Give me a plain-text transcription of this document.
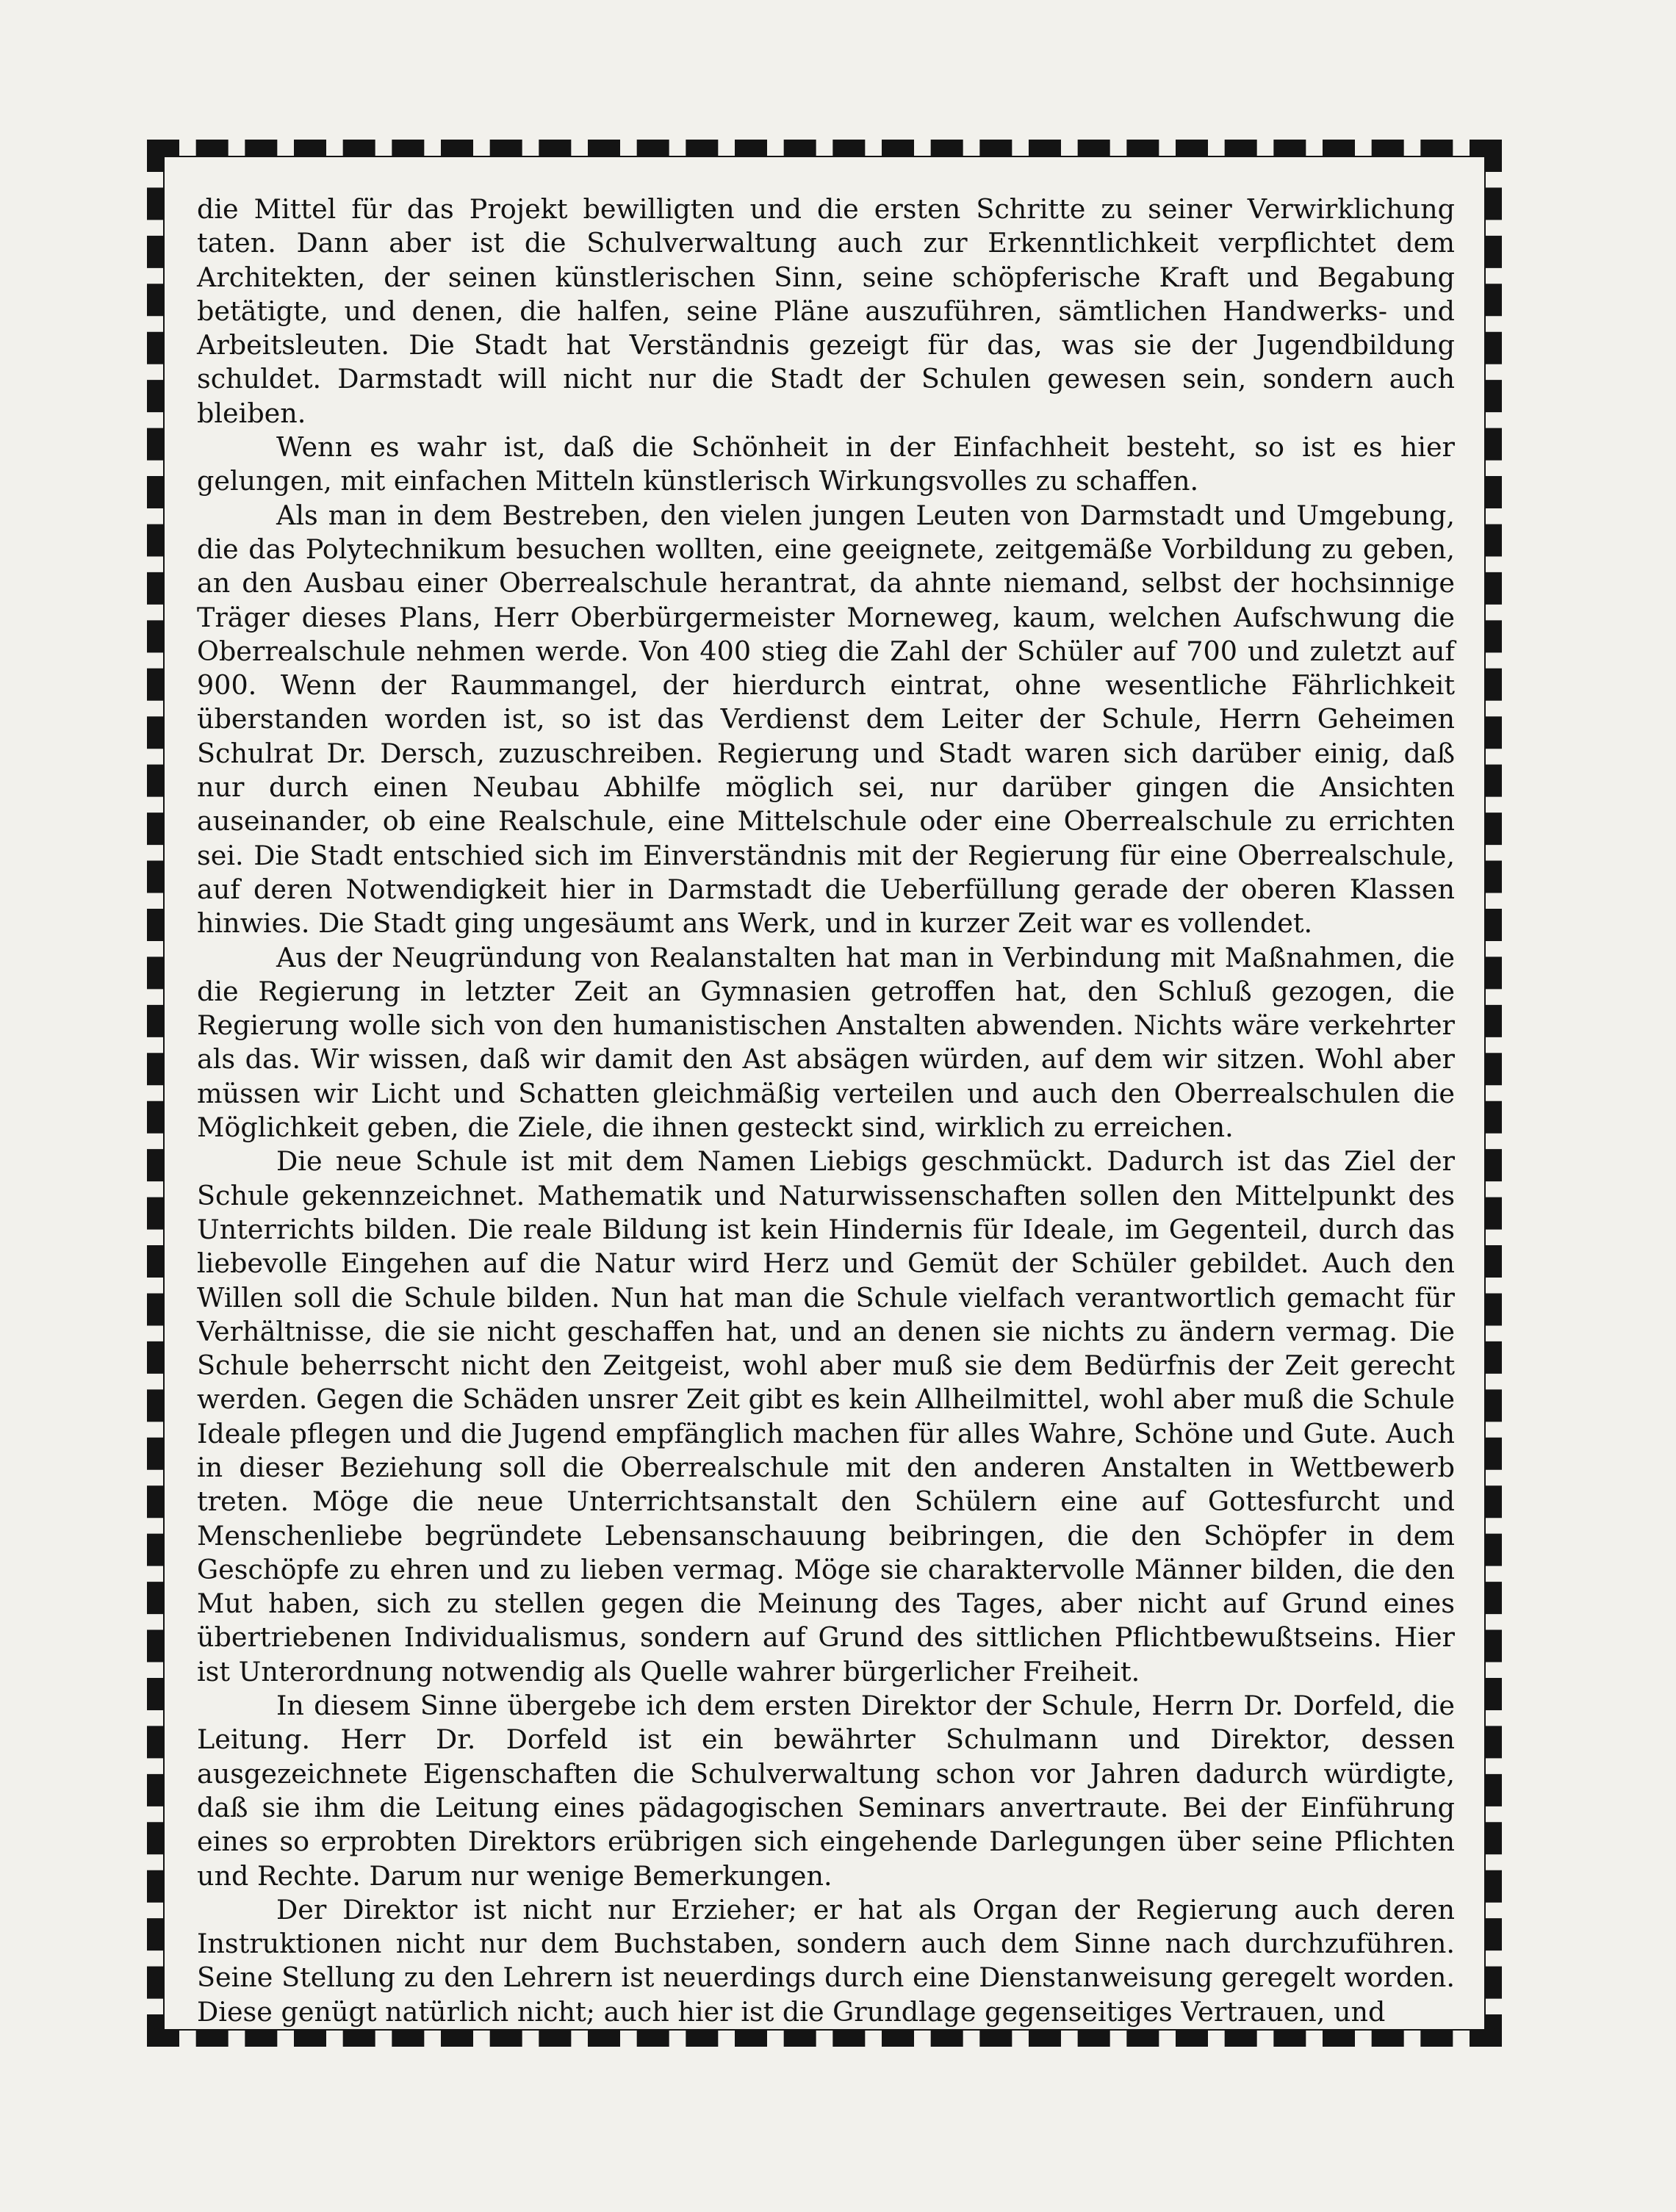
die Mittel für das Projekt bewilligten und die ersten Schritte zu seiner Verwirklichung taten. Dann aber ist die Schulverwaltung auch zur Erkenntlichkeit verpflichtet dem Architekten, der seinen künstlerischen Sinn, seine schöpferische Kraft und Begabung betätigte, und denen, die halfen, seine Pläne auszuführen, sämtlichen Handwerks- und Arbeitsleuten. Die Stadt hat Verständnis gezeigt für das, was sie der Jugendbildung schuldet. Darmstadt will nicht nur die Stadt der Schulen gewesen sein, sondern auch bleiben.

Wenn es wahr ist, daß die Schönheit in der Einfachheit besteht, so ist es hier gelungen, mit einfachen Mitteln künstlerisch Wirkungsvolles zu schaffen.

Als man in dem Bestreben, den vielen jungen Leuten von Darmstadt und Umgebung, die das Polytechnikum besuchen wollten, eine geeignete, zeitgemäße Vorbildung zu geben, an den Ausbau einer Oberrealschule herantrat, da ahnte niemand, selbst der hochsinnige Träger dieses Plans, Herr Oberbürgermeister Morneweg, kaum, welchen Aufschwung die Oberrealschule nehmen werde. Von 400 stieg die Zahl der Schüler auf 700 und zuletzt auf 900. Wenn der Raummangel, der hierdurch eintrat, ohne wesentliche Fährlichkeit überstanden worden ist, so ist das Verdienst dem Leiter der Schule, Herrn Geheimen Schulrat Dr. Dersch, zuzuschreiben. Regierung und Stadt waren sich darüber einig, daß nur durch einen Neubau Abhilfe möglich sei, nur darüber gingen die Ansichten auseinander, ob eine Realschule, eine Mittelschule oder eine Oberrealschule zu errichten sei. Die Stadt entschied sich im Einverständnis mit der Regierung für eine Oberrealschule, auf deren Notwendigkeit hier in Darmstadt die Ueberfüllung gerade der oberen Klassen hinwies. Die Stadt ging ungesäumt ans Werk, und in kurzer Zeit war es vollendet.

Aus der Neugründung von Realanstalten hat man in Verbindung mit Maßnahmen, die die Regierung in letzter Zeit an Gymnasien getroffen hat, den Schluß gezogen, die Regierung wolle sich von den humanistischen Anstalten abwenden. Nichts wäre verkehrter als das. Wir wissen, daß wir damit den Ast absägen würden, auf dem wir sitzen. Wohl aber müssen wir Licht und Schatten gleichmäßig verteilen und auch den Oberrealschulen die Möglichkeit geben, die Ziele, die ihnen gesteckt sind, wirklich zu erreichen.

Die neue Schule ist mit dem Namen Liebigs geschmückt. Dadurch ist das Ziel der Schule gekennzeichnet. Mathematik und Naturwissenschaften sollen den Mittelpunkt des Unterrichts bilden. Die reale Bildung ist kein Hindernis für Ideale, im Gegenteil, durch das liebevolle Eingehen auf die Natur wird Herz und Gemüt der Schüler gebildet. Auch den Willen soll die Schule bilden. Nun hat man die Schule vielfach verantwortlich gemacht für Verhältnisse, die sie nicht geschaffen hat, und an denen sie nichts zu ändern vermag. Die Schule beherrscht nicht den Zeitgeist, wohl aber muß sie dem Bedürfnis der Zeit gerecht werden. Gegen die Schäden unsrer Zeit gibt es kein Allheilmittel, wohl aber muß die Schule Ideale pflegen und die Jugend empfänglich machen für alles Wahre, Schöne und Gute. Auch in dieser Beziehung soll die Oberrealschule mit den anderen Anstalten in Wettbewerb treten. Möge die neue Unterrichtsanstalt den Schülern eine auf Gottesfurcht und Menschenliebe begründete Lebensanschauung beibringen, die den Schöpfer in dem Geschöpfe zu ehren und zu lieben vermag. Möge sie charaktervolle Männer bilden, die den Mut haben, sich zu stellen gegen die Meinung des Tages, aber nicht auf Grund eines übertriebenen Individualismus, sondern auf Grund des sittlichen Pflichtbewußtseins. Hier ist Unterordnung notwendig als Quelle wahrer bürgerlicher Freiheit.

In diesem Sinne übergebe ich dem ersten Direktor der Schule, Herrn Dr. Dorfeld, die Leitung. Herr Dr. Dorfeld ist ein bewährter Schulmann und Direktor, dessen ausgezeichnete Eigenschaften die Schulverwaltung schon vor Jahren dadurch würdigte, daß sie ihm die Leitung eines pädagogischen Seminars anvertraute. Bei der Einführung eines so erprobten Direktors erübrigen sich eingehende Darlegungen über seine Pflichten und Rechte. Darum nur wenige Bemerkungen.

Der Direktor ist nicht nur Erzieher; er hat als Organ der Regierung auch deren Instruktionen nicht nur dem Buchstaben, sondern auch dem Sinne nach durchzuführen. Seine Stellung zu den Lehrern ist neuerdings durch eine Dienstanweisung geregelt worden. Diese genügt natürlich nicht; auch hier ist die Grundlage gegenseitiges Vertrauen, und
